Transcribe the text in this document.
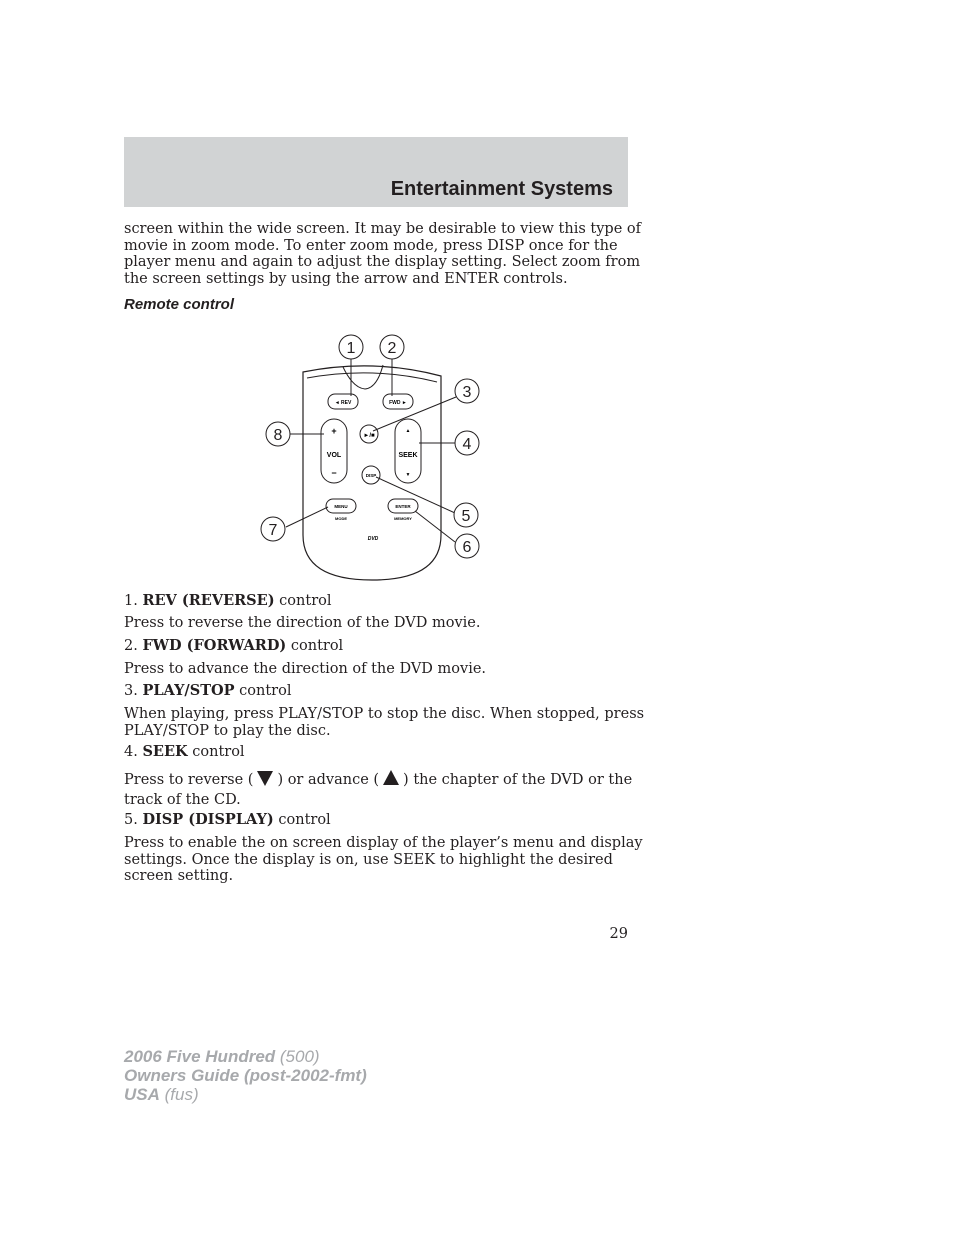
Entertainment Systems
screen within the wide screen. It may be desirable to view this type of
movie in zoom mode. To enter zoom mode, press DISP once for the
player menu and again to adjust the display setting. Select zoom from
the screen settings by using the arrow and ENTER controls.
Remote control
◄ REV	FWD ►
+
VOL
−
►/■
DISP
▲
SEEK
▼
MENU
MODE
ENTER
MEMORY
DVD
1 2
3
4
5
6
7
8
1. REV (REVERSE) control
Press to reverse the direction of the DVD movie.
2. FWD (FORWARD) control
Press to advance the direction of the DVD movie.
3. PLAY/STOP control
When playing, press PLAY/STOP to stop the disc. When stopped, press
PLAY/STOP to play the disc.
4. SEEK control
Press to reverse ( ) or advance ( ) the chapter of the DVD or the
track of the CD.
5. DISP (DISPLAY) control
Press to enable the on screen display of the player’s menu and display
settings. Once the display is on, use SEEK to highlight the desired
screen setting.
29
2006 Five Hundred (500)
Owners Guide (post-2002-fmt)
USA (fus)
